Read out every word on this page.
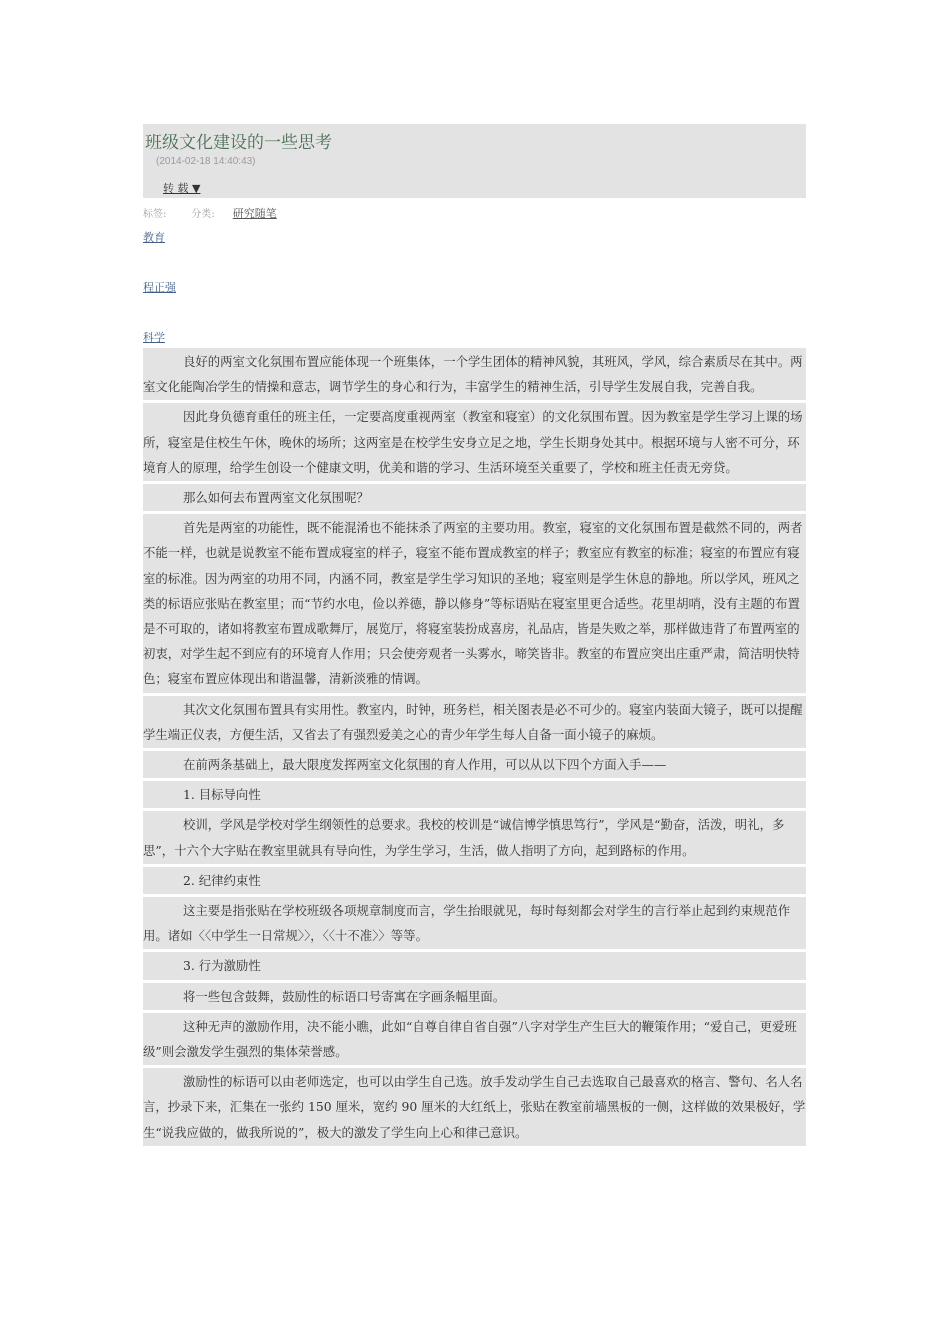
班级文化建设的一些思考
(2014-02-18 14:40:43)
转 载 ▼
标签:	分类: 研究随笔
教育
程正强
科学

良好的两室文化氛围布置应能体现一个班集体，一个学生团体的精神风貌，其班风，学风，综合素质尽在其中。两室文化能陶冶学生的情操和意志，调节学生的身心和行为，丰富学生的精神生活，引导学生发展自我，完善自我。

因此身负德育重任的班主任，一定要高度重视两室（教室和寝室）的文化氛围布置。因为教室是学生学习上课的场所，寝室是住校生午休，晚休的场所；这两室是在校学生安身立足之地，学生长期身处其中。根据环境与人密不可分，环境育人的原理，给学生创设一个健康文明，优美和谐的学习、生活环境至关重要了，学校和班主任责无旁贷。

那么如何去布置两室文化氛围呢？

首先是两室的功能性，既不能混淆也不能抹杀了两室的主要功用。教室，寝室的文化氛围布置是截然不同的，两者不能一样，也就是说教室不能布置成寝室的样子，寝室不能布置成教室的样子；教室应有教室的标准；寝室的布置应有寝室的标准。因为两室的功用不同，内涵不同，教室是学生学习知识的圣地；寝室则是学生休息的静地。所以学风，班风之类的标语应张贴在教室里；而“节约水电，俭以养德，静以修身”等标语贴在寝室里更合适些。花里胡哨，没有主题的布置是不可取的，诸如将教室布置成歌舞厅，展览厅，将寝室装扮成喜房，礼品店，皆是失败之举，那样做违背了布置两室的初衷，对学生起不到应有的环境育人作用；只会使旁观者一头雾水，啼笑皆非。教室的布置应突出庄重严肃，简洁明快特色；寝室布置应体现出和谐温馨，清新淡雅的情调。

其次文化氛围布置具有实用性。教室内，时钟，班务栏，相关图表是必不可少的。寝室内装面大镜子，既可以提醒学生端正仪表，方便生活，又省去了有强烈爱美之心的青少年学生每人自备一面小镜子的麻烦。

在前两条基础上，最大限度发挥两室文化氛围的育人作用，可以从以下四个方面入手——

1. 目标导向性

校训，学风是学校对学生纲领性的总要求。我校的校训是“诚信博学慎思笃行”，学风是“勤奋，活泼，明礼，多思”，十六个大字贴在教室里就具有导向性，为学生学习，生活，做人指明了方向，起到路标的作用。

2. 纪律约束性

这主要是指张贴在学校班级各项规章制度而言，学生抬眼就见，每时每刻都会对学生的言行举止起到约束规范作用。诸如〈〈中学生一日常规〉〉，〈〈十不准〉〉等等。

3. 行为激励性

将一些包含鼓舞，鼓励性的标语口号寄寓在字画条幅里面。

这种无声的激励作用，决不能小瞧，此如“自尊自律自省自强”八字对学生产生巨大的鞭策作用；“爱自己，更爱班级”则会激发学生强烈的集体荣誉感。

激励性的标语可以由老师选定，也可以由学生自己选。放手发动学生自己去选取自己最喜欢的格言、警句、名人名言，抄录下来，汇集在一张约 150 厘米，宽约 90 厘米的大红纸上，张贴在教室前墙黑板的一侧，这样做的效果极好，学生“说我应做的，做我所说的”，极大的激发了学生向上心和律己意识。
